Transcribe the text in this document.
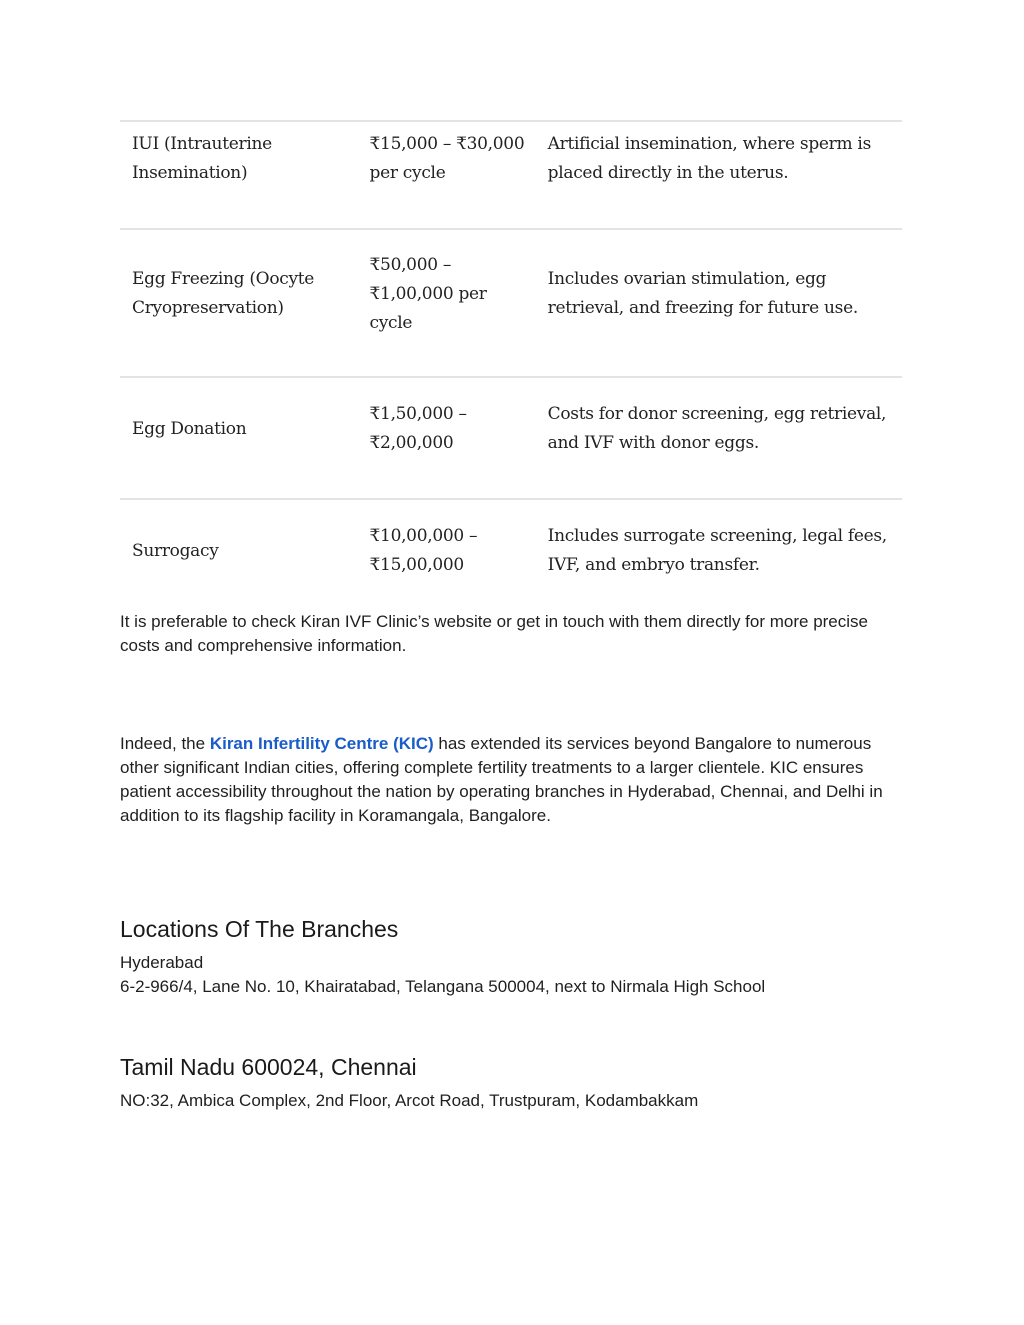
IUI (Intrauterine Insemination)	₹15,000 – ₹30,000 per cycle	Artificial insemination, where sperm is placed directly in the uterus.
Egg Freezing (Oocyte Cryopreservation)	₹50,000 – ₹1,00,000 per cycle	Includes ovarian stimulation, egg retrieval, and freezing for future use.
Egg Donation	₹1,50,000 – ₹2,00,000	Costs for donor screening, egg retrieval, and IVF with donor eggs.
Surrogacy	₹10,00,000 – ₹15,00,000	Includes surrogate screening, legal fees, IVF, and embryo transfer.

It is preferable to check Kiran IVF Clinic’s website or get in touch with them directly for more precise costs and comprehensive information.

Indeed, the Kiran Infertility Centre (KIC) has extended its services beyond Bangalore to numerous other significant Indian cities, offering complete fertility treatments to a larger clientele. KIC ensures patient accessibility throughout the nation by operating branches in Hyderabad, Chennai, and Delhi in addition to its flagship facility in Koramangala, Bangalore.

Locations Of The Branches
Hyderabad
6-2-966/4, Lane No. 10, Khairatabad, Telangana 500004, next to Nirmala High School
Tamil Nadu 600024, Chennai
NO:32, Ambica Complex, 2nd Floor, Arcot Road, Trustpuram, Kodambakkam
